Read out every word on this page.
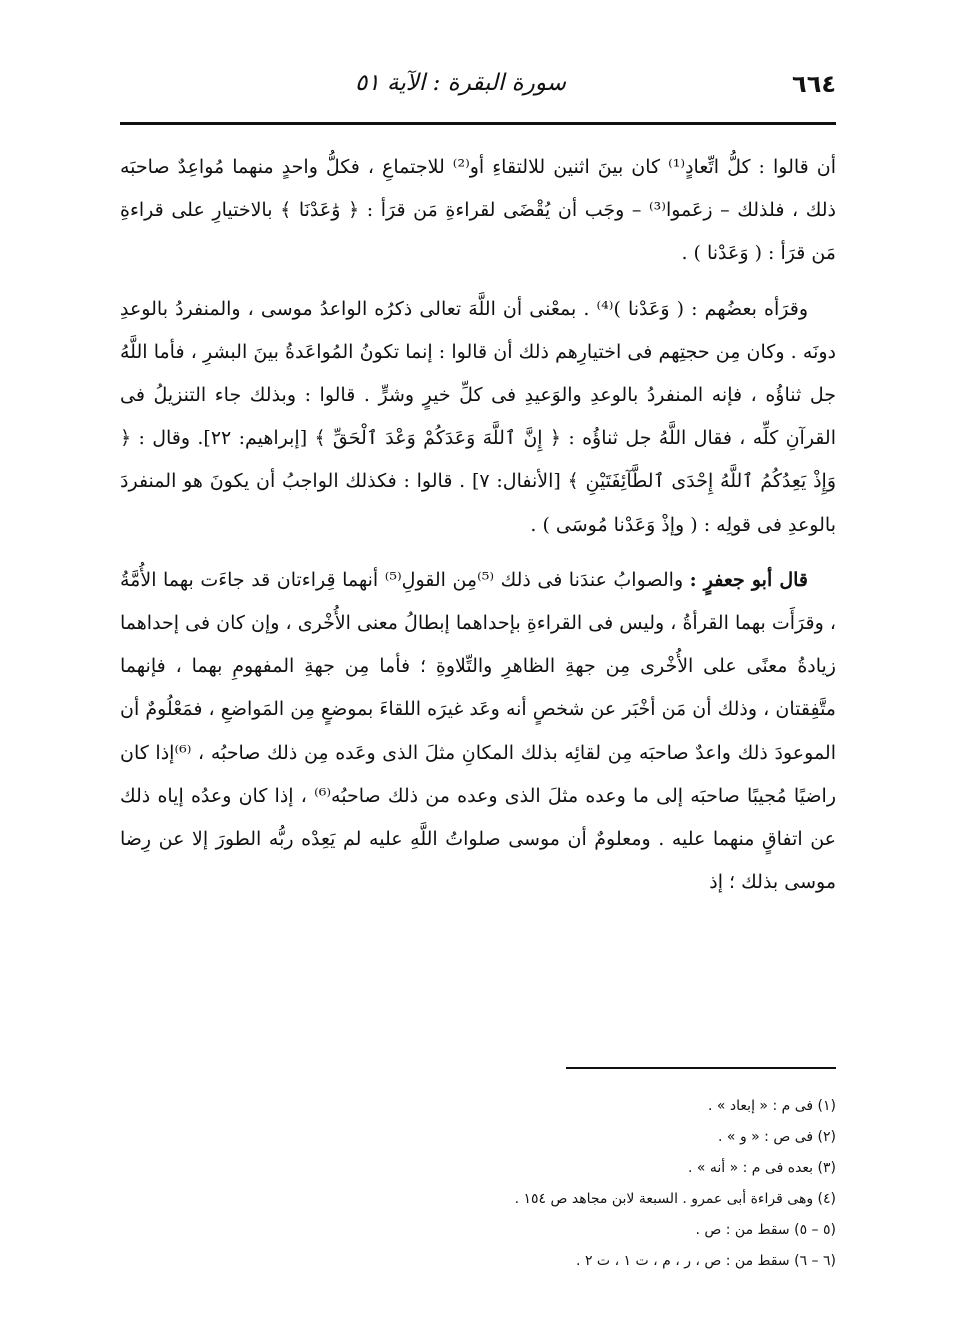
٦٦٤
سورة البقرة : الآية ٥١

أن قالوا : كلُّ اتِّعادٍ⁽¹⁾ كان بينَ اثنين للالتقاءِ أو⁽²⁾ للاجتماعِ ، فكلُّ واحدٍ منهما مُواعِدٌ صاحبَه ذلك ، فلذلك – زعَموا⁽³⁾ – وجَب أن يُقْضَى لقراءةِ مَن قرَأ : ﴿ وَٰعَدْنَا ﴾ بالاختيارِ على قراءةِ مَن قرَأ : ( وَعَدْنا ) .

وقرَأه بعضُهم : ( وَعَدْنا )⁽⁴⁾ . بمعْنى أن اللَّهَ تعالى ذكرُه الواعدُ موسى ، والمنفردُ بالوعدِ دونَه . وكان مِن حجتِهم فى اختيارِهم ذلك أن قالوا : إنما تكونُ المُواعَدةُ بينَ البشرِ ، فأما اللَّهُ جل ثناؤُه ، فإنه المنفردُ بالوعدِ والوَعيدِ فى كلِّ خيرٍ وشرٍّ . قالوا : وبذلك جاء التنزيلُ فى القرآنِ كلِّه ، فقال اللَّهُ جل ثناؤُه : ﴿ إِنَّ ٱللَّهَ وَعَدَكُمْ وَعْدَ ٱلْحَقِّ ﴾ [إبراهيم: ٢٢]. وقال : ﴿ وَإِذْ يَعِدُكُمُ ٱللَّهُ إِحْدَى ٱلطَّآئِفَتَيْنِ ﴾ [الأنفال: ٧] . قالوا : فكذلك الواجبُ أن يكونَ هو المنفردَ بالوعدِ فى قولِه : ( وإذْ وَعَدْنا مُوسَى ) .

قال أبو جعفرٍ : والصوابُ عندَنا فى ذلك ⁽⁵⁾مِن القولِ⁽⁵⁾ أنهما قِراءتان قد جاءَت بهما الأُمَّةُ ، وقرَأَت بهما القرأةُ ، وليس فى القراءةِ بإحداهما إبطالُ معنى الأُخْرى ، وإن كان فى إحداهما زيادةُ معنًى على الأُخْرى مِن جهةِ الظاهرِ والتِّلاوةِ ؛ فأما مِن جهةِ المفهومِ بهما ، فإنهما متَّفِقتان ، وذلك أن مَن أخْبَر عن شخصٍ أنه وعَد غيرَه اللقاءَ بموضعٍ مِن المَواضعِ ، فمَعْلُومٌ أن الموعودَ ذلك واعدٌ صاحبَه مِن لقائِه بذلك المكانِ مثلَ الذى وعَده مِن ذلك صاحبُه ، ⁽⁶⁾إذا كان راضيًا مُجيبًا صاحبَه إلى ما وعده مثلَ الذى وعده من ذلك صاحبُه⁽⁶⁾ ، إذا كان وعدُه إياه ذلك عن اتفاقٍ منهما عليه . ومعلومٌ أن موسى صلواتُ اللَّهِ عليه لم يَعِدْه ربُّه الطورَ إلا عن رِضا موسى بذلك ؛ إذ

(١) فى م : « إبعاد » .
(٢) فى ص : « و » .
(٣) بعده فى م : « أنه » .
(٤) وهى قراءة أبى عمرو . السبعة لابن مجاهد ص ١٥٤ .
(٥ – ٥) سقط من : ص .
(٦ – ٦) سقط من : ص ، ر ، م ، ت ١ ، ت ٢ .
